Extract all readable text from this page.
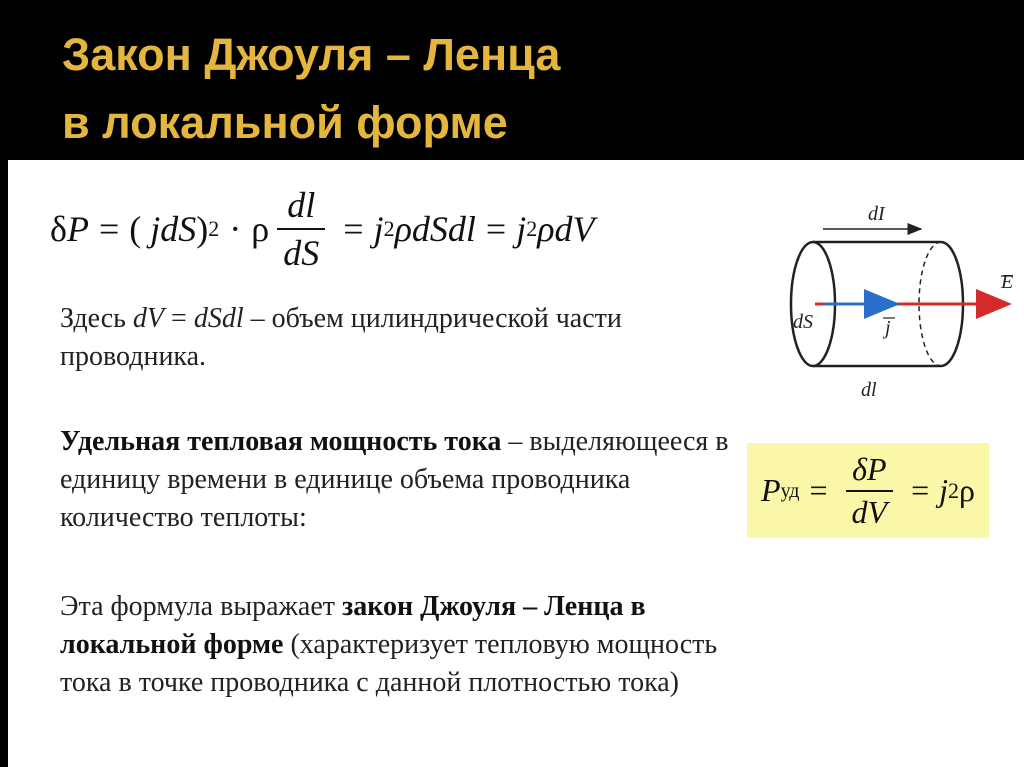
Закон Джоуля – Ленца
в локальной форме
δ P = (
jdS ) 2 · ρ $\frac{dl}{dS} = j$ 2 ρdSdl = j 2 ρdV

Здесь dV = dSdl – объем цилиндрической части проводника.

Удельная тепловая мощность тока – выделяющееся в единицу времени в единице объема проводника количество теплоты:

Эта формула выражает закон Джоуля – Ленца в локальной форме (характеризует тепловую мощность тока в точке проводника с данной плотностью тока)

P уд = $\frac{\delta P}{dV} = j$ 2 ρ
dI
dS
E
j
dl
